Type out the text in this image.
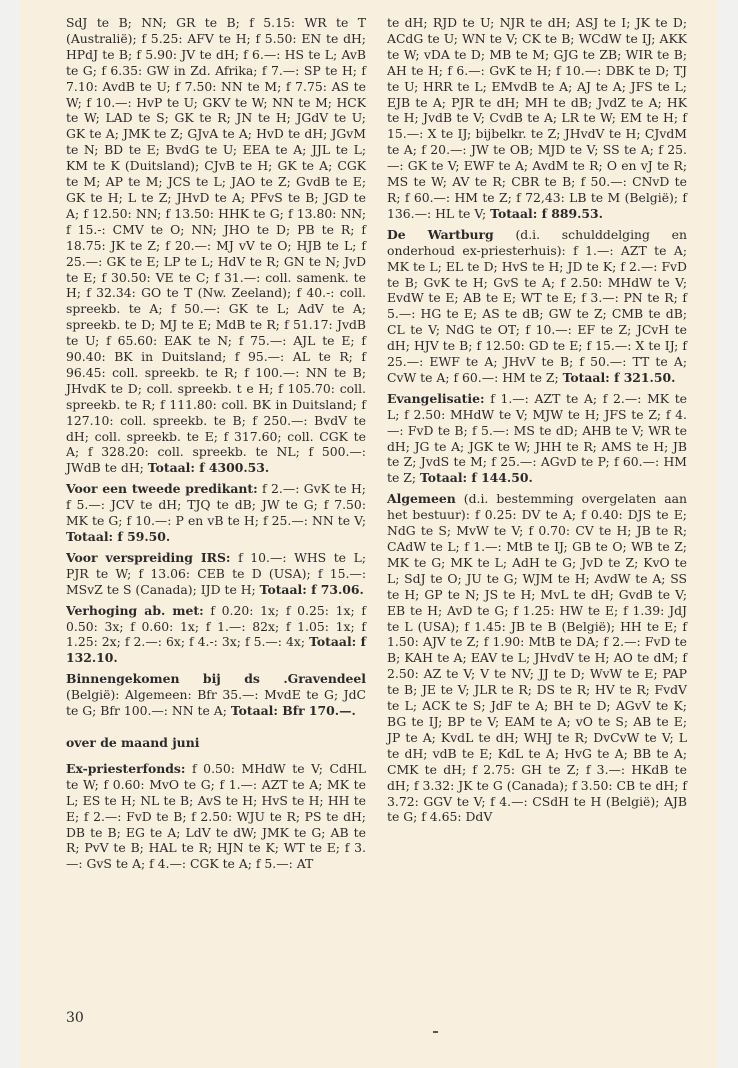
SdJ te B; NN; GR te B; f 5.15: WR te T (Australië); f 5.25: AFV te H; f 5.50: EN te dH; HPdJ te B; f 5.90: JV te dH; f 6.—: HS te L; AvB te G; f 6.35: GW in Zd. Afrika; f 7.—: SP te H; f 7.10: AvdB te U; f 7.50: NN te M; f 7.75: AS te W; f 10.—: HvP te U; GKV te W; NN te M; HCK te W; LAD te S; GK te R; JN te H; JGdV te U; GK te A; JMK te Z; GJvA te A; HvD te dH; JGvM te N; BD te E; BvdG te U; EEA te A; JJL te L; KM te K (Duitsland); CJvB te H; GK te A; CGK te M; AP te M; JCS te L; JAO te Z; GvdB te E; GK te H; L te Z; JHvD te A; PFvS te B; JGD te A; f 12.50: NN; f 13.50: HHK te G; f 13.80: NN; f 15.-: CMV te O; NN; JHO te D; PB te R; f 18.75: JK te Z; f 20.—: MJ vV te O; HJB te L; f 25.—: GK te E; LP te L; HdV te R; GN te N; JvD te E; f 30.50: VE te C; f 31.—: coll. samenk. te H; f 32.34: GO te T (Nw. Zeeland); f 40.-: coll. spreekb. te A; f 50.—: GK te L; AdV te A; spreekb. te D; MJ te E; MdB te R; f 51.17: JvdB te U; f 65.60: EAK te N; f 75.—: AJL te E; f 90.40: BK in Duitsland; f 95.—: AL te R; f 96.45: coll. spreekb. te R; f 100.—: NN te B; JHvdK te D; coll. spreekb. t e H; f 105.70: coll. spreekb. te R; f 111.80: coll. BK in Duitsland; f 127.10: coll. spreekb. te B; f 250.—: BvdV te dH; coll. spreekb. te E; f 317.60; coll. CGK te A; f 328.20: coll. spreekb. te NL; f 500.—: JWdB te dH; Totaal: f 4300.53.

Voor een tweede predikant: f 2.—: GvK te H; f 5.—: JCV te dH; TJQ te dB; JW te G; f 7.50: MK te G; f 10.—: P en vB te H; f 25.—: NN te V; Totaal: f 59.50.

Voor verspreiding IRS: f 10.—: WHS te L; PJR te W; f 13.06: CEB te D (USA); f 15.—: MSvZ te S (Canada); IJD te H; Totaal: f 73.06.

Verhoging ab. met: f 0.20: 1x; f 0.25: 1x; f 0.50: 3x; f 0.60: 1x; f 1.—: 82x; f 1.05: 1x; f 1.25: 2x; f 2.—: 6x; f 4.-: 3x; f 5.—: 4x; Totaal: f 132.10.

Binnengekomen bij ds .Gravendeel (België): Algemeen: Bfr 35.—: MvdE te G; JdC te G; Bfr 100.—: NN te A; Totaal: Bfr 170.—.

over de maand juni

Ex-priesterfonds: f 0.50: MHdW te V; CdHL te W; f 0.60: MvO te G; f 1.—: AZT te A; MK te L; ES te H; NL te B; AvS te H; HvS te H; HH te E; f 2.—: FvD te B; f 2.50: WJU te R; PS te dH; DB te B; EG te A; LdV te dW; JMK te G; AB te R; PvV te B; HAL te R; HJN te K; WT te E; f 3.—: GvS te A; f 4.—: CGK te A; f 5.—: AT

30

te dH; RJD te U; NJR te dH; ASJ te I; JK te D; ACdG te U; WN te V; CK te B; WCdW te IJ; AKK te W; vDA te D; MB te M; GJG te ZB; WIR te B; AH te H; f 6.—: GvK te H; f 10.—: DBK te D; TJ te U; HRR te L; EMvdB te A; AJ te A; JFS te L; EJB te A; PJR te dH; MH te dB; JvdZ te A; HK te H; JvdB te V; CvdB te A; LR te W; EM te H; f 15.—: X te IJ; bijbelkr. te Z; JHvdV te H; CJvdM te A; f 20.—: JW te OB; MJD te V; SS te A; f 25.—: GK te V; EWF te A; AvdM te R; O en vJ te R; MS te W; AV te R; CBR te B; f 50.—: CNvD te R; f 60.—: HM te Z; f 72,43: LB te M (België); f 136.—: HL te V; Totaal: f 889.53.

De Wartburg (d.i. schulddelging en onderhoud ex-priesterhuis): f 1.—: AZT te A; MK te L; EL te D; HvS te H; JD te K; f 2.—: FvD te B; GvK te H; GvS te A; f 2.50: MHdW te V; EvdW te E; AB te E; WT te E; f 3.—: PN te R; f 5.—: HG te E; AS te dB; GW te Z; CMB te dB; CL te V; NdG te OT; f 10.—: EF te Z; JCvH te dH; HJV te B; f 12.50: GD te E; f 15.—: X te IJ; f 25.—: EWF te A; JHvV te B; f 50.—: TT te A; CvW te A; f 60.—: HM te Z; Totaal: f 321.50.

Evangelisatie: f 1.—: AZT te A; f 2.—: MK te L; f 2.50: MHdW te V; MJW te H; JFS te Z; f 4.—: FvD te B; f 5.—: MS te dD; AHB te V; WR te dH; JG te A; JGK te W; JHH te R; AMS te H; JB te Z; JvdS te M; f 25.—: AGvD te P; f 60.—: HM te Z; Totaal: f 144.50.

Algemeen (d.i. bestemming overgelaten aan het bestuur): f 0.25: DV te A; f 0.40: DJS te E; NdG te S; MvW te V; f 0.70: CV te H; JB te R; CAdW te L; f 1.—: MtB te IJ; GB te O; WB te Z; MK te G; MK te L; AdH te G; JvD te Z; KvO te L; SdJ te O; JU te G; WJM te H; AvdW te A; SS te H; GP te N; JS te H; MvL te dH; GvdB te V; EB te H; AvD te G; f 1.25: HW te E; f 1.39: JdJ te L (USA); f 1.45: JB te B (België); HH te E; f 1.50: AJV te Z; f 1.90: MtB te DA; f 2.—: FvD te B; KAH te A; EAV te L; JHvdV te H; AO te dM; f 2.50: AZ te V; V te NV; JJ te D; WvW te E; PAP te B; JE te V; JLR te R; DS te R; HV te R; FvdV te L; ACK te S; JdF te A; BH te D; AGvV te K; BG te IJ; BP te V; EAM te A; vO te S; AB te E; JP te A; KvdL te dH; WHJ te R; DvCvW te V; L te dH; vdB te E; KdL te A; HvG te A; BB te A; CMK te dH; f 2.75: GH te Z; f 3.—: HKdB te dH; f 3.32: JK te G (Canada); f 3.50: CB te dH; f 3.72: GGV te V; f 4.—: CSdH te H (België); AJB te G; f 4.65: DdV
